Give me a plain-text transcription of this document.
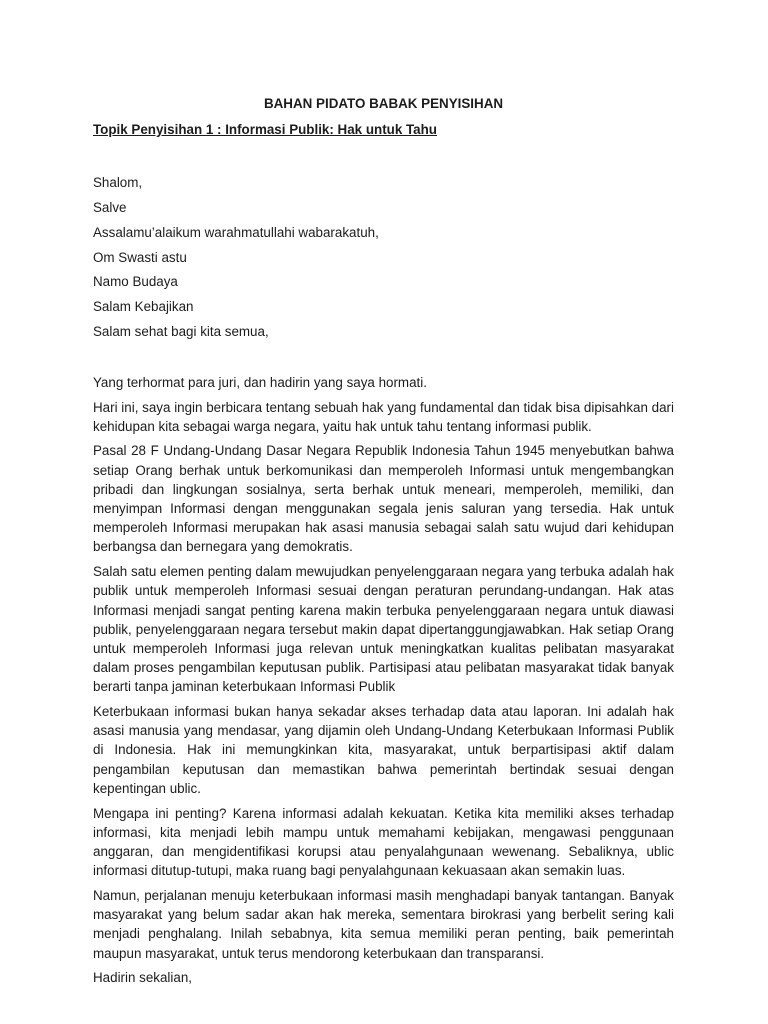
BAHAN PIDATO BABAK PENYISIHAN

Topik Penyisihan 1 : Informasi Publik: Hak untuk Tahu

Shalom,

Salve

Assalamu’alaikum warahmatullahi wabarakatuh,

Om Swasti astu

Namo Budaya

Salam Kebajikan

Salam sehat bagi kita semua,

Yang terhormat para juri, dan hadirin yang saya hormati.

Hari ini, saya ingin berbicara tentang sebuah hak yang fundamental dan tidak bisa dipisahkan dari kehidupan kita sebagai warga negara, yaitu hak untuk tahu tentang informasi publik.

Pasal 28 F Undang-Undang Dasar Negara Republik Indonesia Tahun 1945 menyebutkan bahwa setiap Orang berhak untuk berkomunikasi dan memperoleh Informasi untuk mengembangkan pribadi dan lingkungan sosialnya, serta berhak untuk meneari, memperoleh, memiliki, dan menyimpan Informasi dengan menggunakan segala jenis saluran yang tersedia. Hak untuk memperoleh Informasi merupakan hak asasi manusia sebagai salah satu wujud dari kehidupan berbangsa dan bernegara yang demokratis.

Salah satu elemen penting dalam mewujudkan penyelenggaraan negara yang terbuka adalah hak publik untuk memperoleh Informasi sesuai dengan peraturan perundang-undangan. Hak atas Informasi menjadi sangat penting karena makin terbuka penyelenggaraan negara untuk diawasi publik, penyelenggaraan negara tersebut makin dapat dipertanggungjawabkan. Hak setiap Orang untuk memperoleh Informasi juga relevan untuk meningkatkan kualitas pelibatan masyarakat dalam proses pengambilan keputusan publik. Partisipasi atau pelibatan masyarakat tidak banyak berarti tanpa jaminan keterbukaan Informasi Publik

Keterbukaan informasi bukan hanya sekadar akses terhadap data atau laporan. Ini adalah hak asasi manusia yang mendasar, yang dijamin oleh Undang-Undang Keterbukaan Informasi Publik di Indonesia. Hak ini memungkinkan kita, masyarakat, untuk berpartisipasi aktif dalam pengambilan keputusan dan memastikan bahwa pemerintah bertindak sesuai dengan kepentingan ublic.

Mengapa ini penting? Karena informasi adalah kekuatan. Ketika kita memiliki akses terhadap informasi, kita menjadi lebih mampu untuk memahami kebijakan, mengawasi penggunaan anggaran, dan mengidentifikasi korupsi atau penyalahgunaan wewenang. Sebaliknya, ublic informasi ditutup-tutupi, maka ruang bagi penyalahgunaan kekuasaan akan semakin luas.

Namun, perjalanan menuju keterbukaan informasi masih menghadapi banyak tantangan. Banyak masyarakat yang belum sadar akan hak mereka, sementara birokrasi yang berbelit sering kali menjadi penghalang. Inilah sebabnya, kita semua memiliki peran penting, baik pemerintah maupun masyarakat, untuk terus mendorong keterbukaan dan transparansi.

Hadirin sekalian,
